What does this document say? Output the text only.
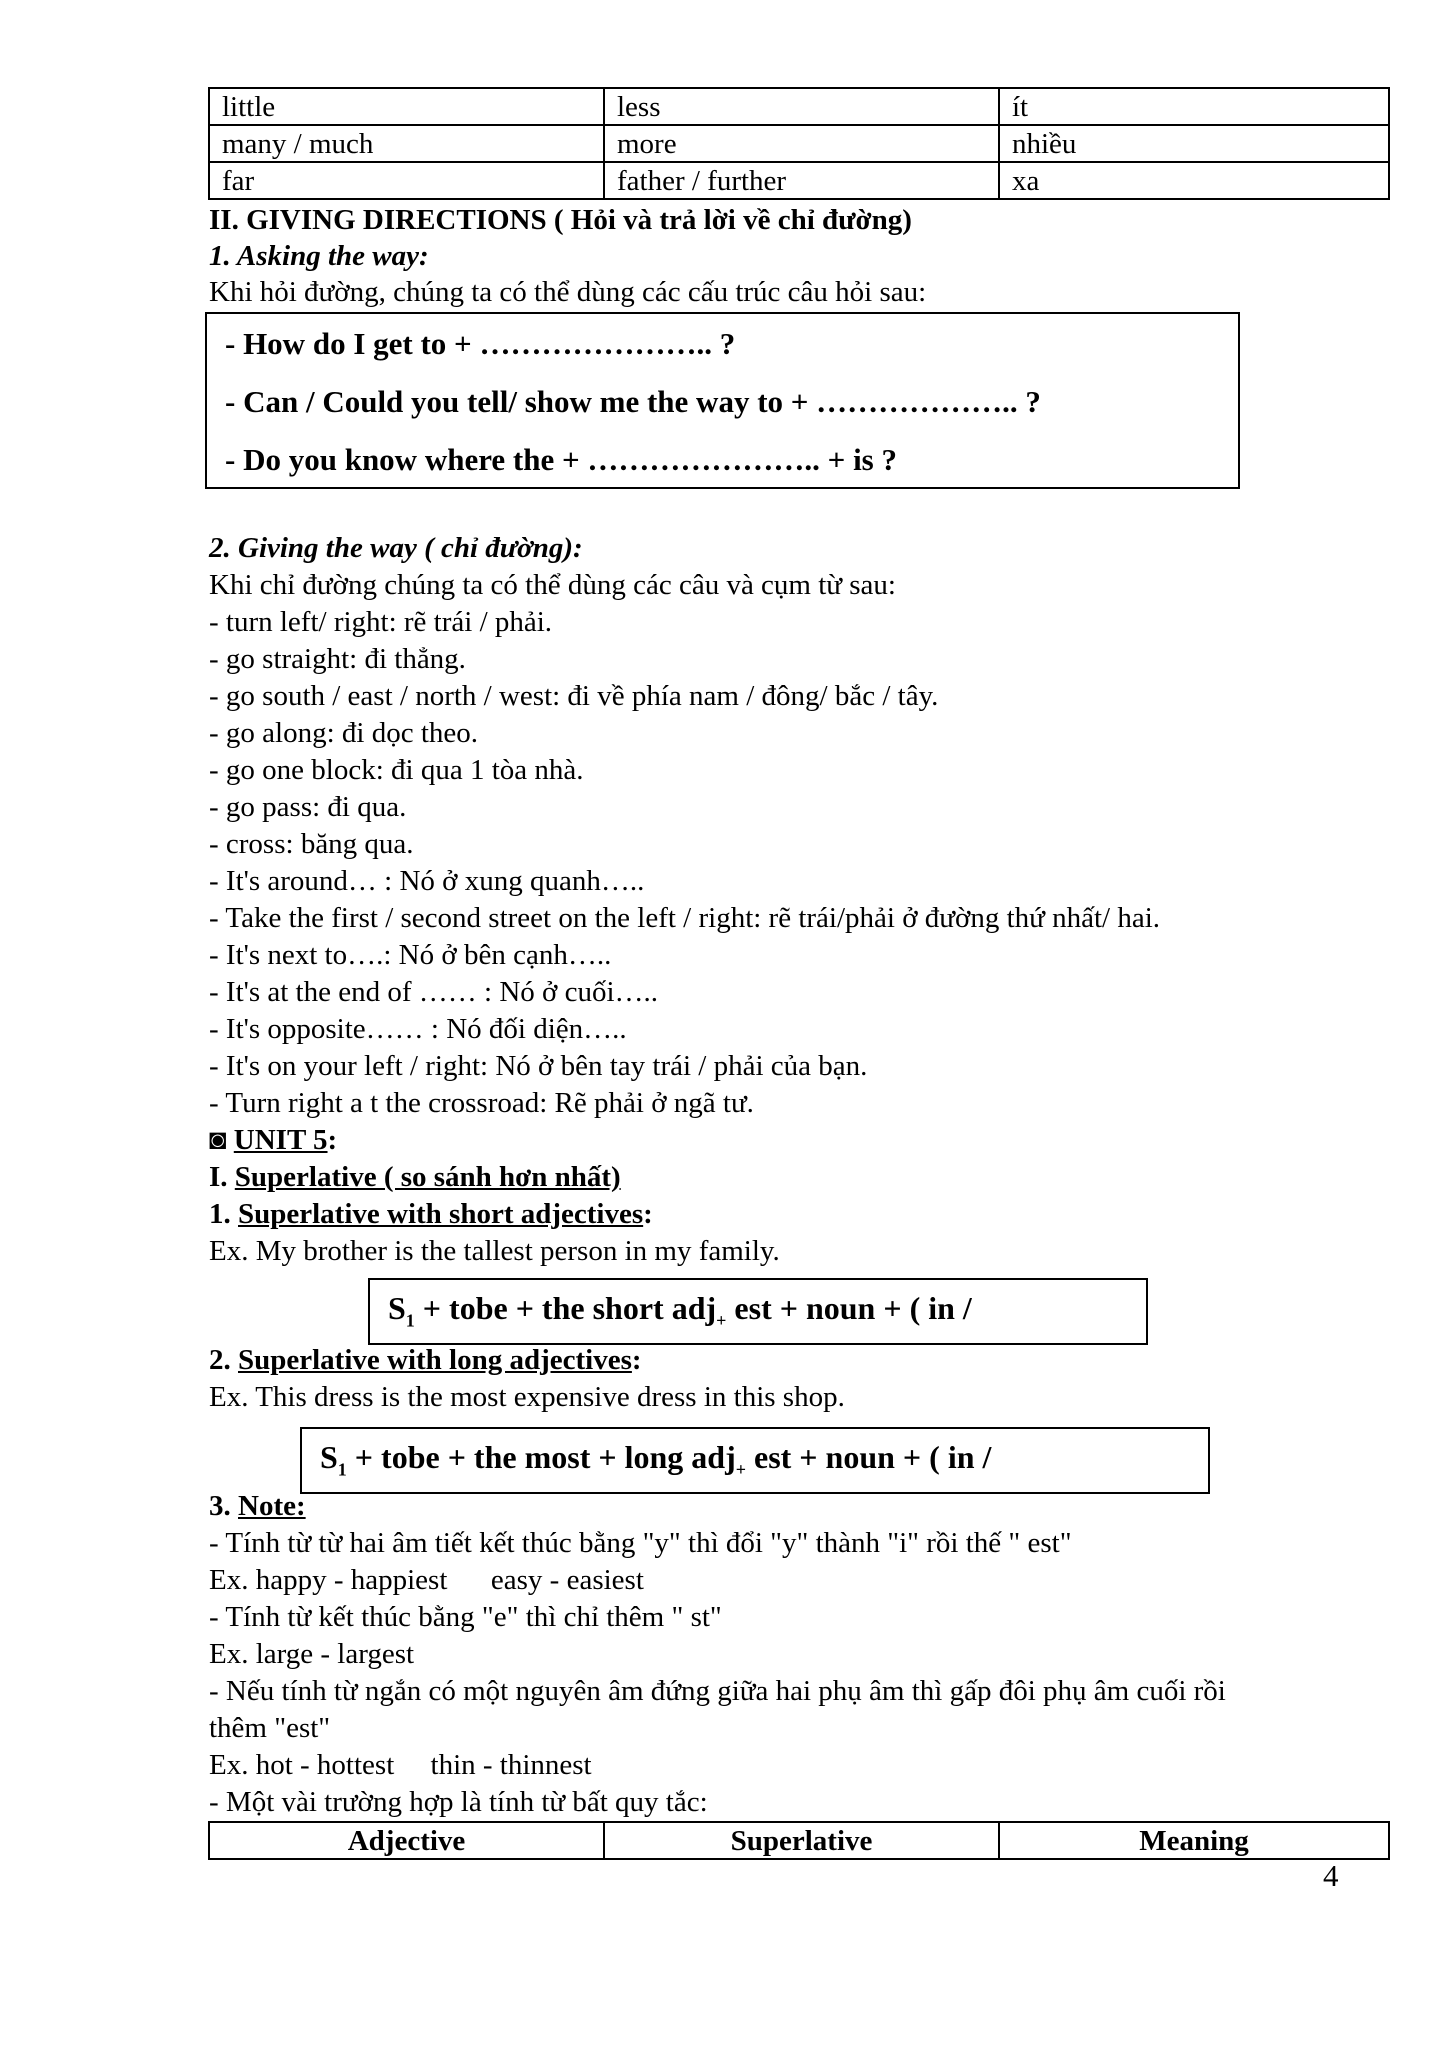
little	less	ít
many / much	more	nhiều
far	father / further	xa
II. GIVING DIRECTIONS ( Hỏi và trả lời về chỉ đường)
1. Asking the way:
Khi hỏi đường, chúng ta có thể dùng các cấu trúc câu hỏi sau:
- How do I get to + ………………….. ?
- Can / Could you tell/ show me the way to + ……………….. ?
- Do you know where the + ………………….. + is ?
2. Giving the way ( chỉ đường):
Khi chỉ đường chúng ta có thể dùng các câu và cụm từ sau:
- turn left/ right: rẽ trái / phải.
- go straight: đi thẳng.
- go south / east / north / west: đi về phía nam / đông/ bắc / tây.
- go along: đi dọc theo.
- go one block: đi qua 1 tòa nhà.
- go pass: đi qua.
- cross: băng qua.
- It's around… : Nó ở xung quanh…..
- Take the first / second street on the left / right: rẽ trái/phải ở đường thứ nhất/ hai.
- It's next to….: Nó ở bên cạnh…..
- It's at the end of …… : Nó ở cuối…..
- It's opposite…… : Nó đối diện…..
- It's on your left / right: Nó ở bên tay trái / phải của bạn.
- Turn right a t the crossroad: Rẽ phải ở ngã tư.
◙ UNIT 5:
I. Superlative ( so sánh hơn nhất)
1. Superlative with short adjectives:
Ex. My brother is the tallest person in my family.
$S_1$ + tobe + the short adj$_+$ est + noun + ( in /
2. Superlative with long adjectives:
Ex. This dress is the most expensive dress in this shop.
$S_1$ + tobe + the most + long adj$_+$ est + noun + ( in /
3. Note:
- Tính từ từ hai âm tiết kết thúc bằng "y" thì đổi "y" thành "i" rồi thế " est"
Ex. happy - happiest      easy - easiest
- Tính từ kết thúc bằng "e" thì chỉ thêm " st"
Ex. large - largest
- Nếu tính từ ngắn có một nguyên âm đứng giữa hai phụ âm thì gấp đôi phụ âm cuối rồi
thêm "est"
Ex. hot - hottest     thin - thinnest
- Một vài trường hợp là tính từ bất quy tắc:
Adjective	Superlative	Meaning
4
